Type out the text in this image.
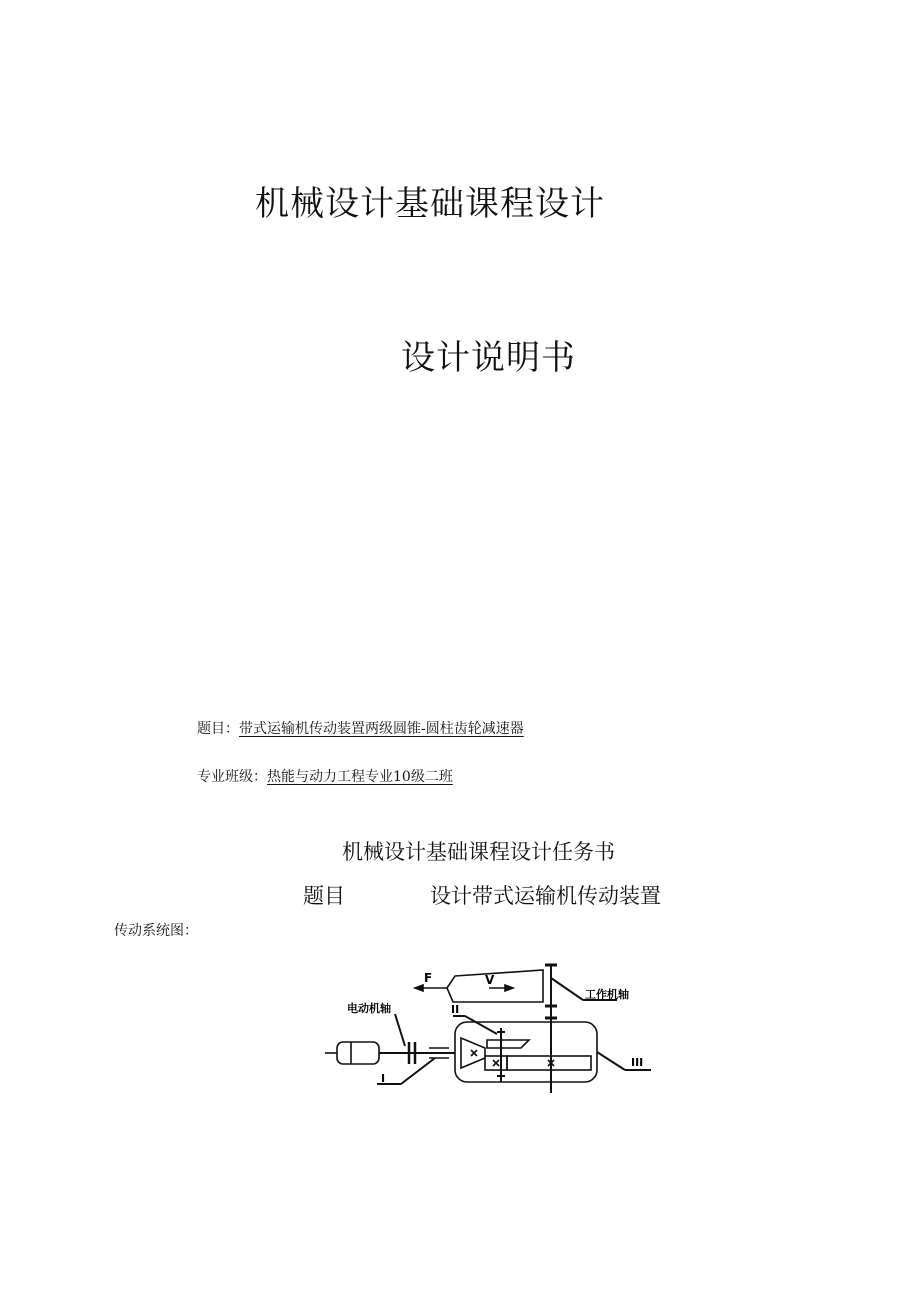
机械设计基础课程设计
设计说明书
题目：带式运输机传动装置两级圆锥-圆柱齿轮减速器
专业班级：热能与动力工程专业10级二班
机械设计基础课程设计任务书
题目	设计带式运输机传动装置
传动系统图：
F	V
工作机轴
电动机轴	II
III
I
